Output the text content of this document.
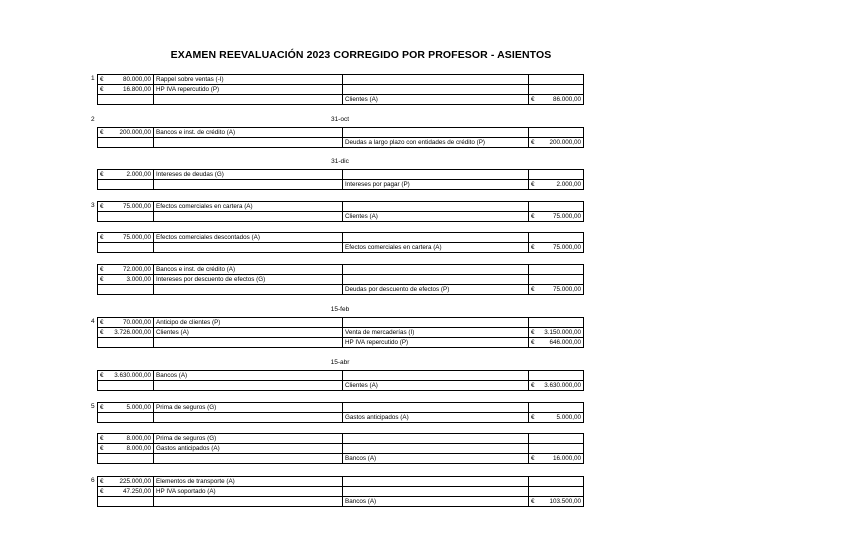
EXAMEN REEVALUACIÓN 2023 CORREGIDO POR PROFESOR - ASIENTOS
1 € 80.000,00	Rappel sobre ventas (-I)		

€ 16.800,00	HP IVA repercutido (P)		
		Clientes (A)	€ 86.000,00
31-oct
2
€ 200.000,00	Bancos e inst. de crédito (A)		
		Deudas a largo plazo con entidades de crédito (P)	€ 200.000,00
31-dic
€ 2.000,00	Intereses de deudas (G)		
		Intereses por pagar (P)	€ 2.000,00
3 € 75.000,00	Efectos comerciales en cartera (A)		
		Clientes (A)	€ 75.000,00
€ 75.000,00	Efectos comerciales descontados (A)		
		Efectos comerciales en cartera (A)	€ 75.000,00
€ 72.000,00	Bancos e inst. de crédito (A)		

€ 3.000,00	Intereses por descuento de efectos (G)		
		Deudas por descuento de efectos (P)	€ 75.000,00
15-feb
4 € 70.000,00	Anticipo de clientes (P)		

€ 3.726.000,00	Clientes (A)	Venta de mercaderías (I)	€ 3.150.000,00

		HP IVA repercutido (P)	€ 646.000,00
15-abr
€ 3.630.000,00	Bancos (A)		
		Clientes (A)	€ 3.630.000,00
5 € 5.000,00	Prima de seguros (G)		
		Gastos anticipados (A)	€ 5.000,00
€ 8.000,00	Prima de seguros (G)		

€ 8.000,00	Gastos anticipados (A)		
		Bancos (A)	€ 16.000,00
6 € 225.000,00	Elementos de transporte (A)		

€ 47.250,00	HP IVA soportado (A)		
		Bancos (A)	€ 103.500,00
